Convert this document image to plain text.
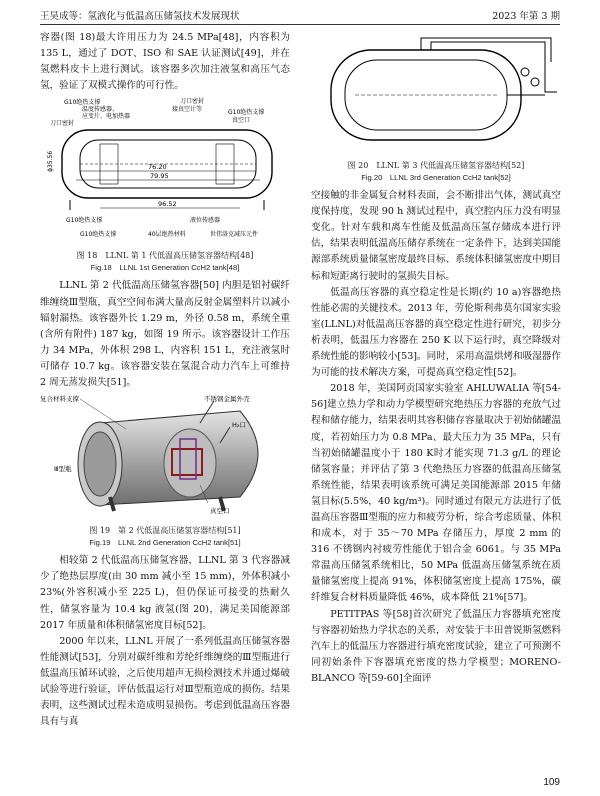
王昊成等：氢液化与低温高压储氢技术发展现状	2023 年第 3 期

容器(图 18)最大许用压力为 24.5 MPa[48]，内容积为 135 L，通过了 DOT、ISO 和 SAE 认证测试[49]，并在氢燃料皮卡上进行测试。该容器多次加注液氢和高压气态氢，验证了双模式操作的可行性。

76.20
79.95
96.52
ϕ35.56
G10绝热支撑
温度传感器、
应变片、电加热器
刀口密封
接真空计等
刀口密封
真空口
G10绝热支撑
液位传感器
G10绝热支撑
40层绝热材料	世伟洛克减压元件
G10绝热支撑
图 18　LLNL 第 1 代低温高压储氢容器结构[48]
Fig.18　LLNL 1st Generation CcH2 tank[48]

LLNL 第 2 代低温高压储氢容器[50] 内胆是铝衬碳纤维缠绕Ⅲ型瓶，真空空间布满大量高反射金属塑料片以减小辐射漏热。该容器外长 1.29 m，外径 0.58 m，系统全重(含所有附件) 187 kg，如图 19 所示。该容器设计工作压力 34 MPa，外体积 298 L，内容积 151 L，充注液氢时可储存 10.7 kg。该容器安装在氢混合动力汽车上可维持 2 周无蒸发损失[51]。

复合材料支撑	不锈钢金属外壳
H₂口
Ⅲ型瓶
真空口
图 19　第 2 代低温高压储氢容器结构[51]
Fig.19　LLNL 2nd Generation CcH2 tank[51]

相较第 2 代低温高压储氢容器，LLNL 第 3 代容器减少了绝热层厚度(由 30 mm 减小至 15 mm)，外体积减小 23%(外容积减小至 225 L)，但仍保证可接受的热耐久性，储氢容量为 10.4 kg 液氢(图 20)，满足美国能源部 2017 年质量和体积储氢密度目标[52]。

2000 年以来，LLNL 开展了一系列低温高压储氢容器性能测试[53]，分别对碳纤维和芳纶纤维缠绕的Ⅲ型瓶进行低温高压循环试验，之后使用超声无损检测技术并通过爆破试验等进行验证，评估低温运行对Ⅲ型瓶造成的损伤。结果表明，这些测试过程未造成明显损伤。考虑到低温高压容器具有与真

图 20　LLNL 第 3 代低温高压储氢容器结构[52]
Fig.20　LLNL 3rd Generation CcH2 tank[52]

空接触的非金属复合材料表面，会不断排出气体，测试真空度保持度，发现 90 h 测试过程中，真空腔内压力没有明显变化。针对车载和离车性能及低温高压氢存储成本进行评估，结果表明低温高压储存系统在一定条件下，达到美国能源部系统质量储氢密度最终目标、系统体积储氢密度中期目标和短距离行驶时的氢损失目标。

低温高压容器的真空稳定性是长期(约 10 a)容器绝热性能必需的关键技术。2013 年，劳伦斯利弗莫尔国家实验室(LLNL)对低温高压容器的真空稳定性进行研究，初步分析表明，低温压力容器在 250 K 以下运行时，真空降级对系统性能的影响较小[53]。同时，采用高温烘烤和吸湿器作为可能的技术解决方案，可提高真空稳定性[52]。

2018 年，美国阿贡国家实验室 AHLUWALIA 等[54-56]建立热力学和动力学模型研究绝热压力容器的充放气过程和储存能力，结果表明其容积储存容量取决于初始储罐温度，若初始压力为 0.8 MPa、最大压力为 35 MPa，只有当初始储罐温度小于 180 K时才能实现 71.3 g/L 的理论储氢容量；并评估了第 3 代绝热压力容器的低温高压储氢系统性能，结果表明该系统可满足美国能源部 2015 年储氢目标(5.5%，40 kg/m³)。同时通过有限元方法进行了低温高压容器Ⅲ型瓶的应力和疲劳分析，综合考虑质量、体积和成本，对于 35～70 MPa 存储压力，厚度 2 mm 的 316 不锈钢内衬疲劳性能优于铝合金 6061。与 35 MPa 常温高压储氢系统相比，50 MPa 低温高压储氢系统在质量储氢密度上提高 91%，体积储氢密度上提高 175%，碳纤维复合材料质量降低 46%，成本降低 21%[57]。

PETITPAS 等[58]首次研究了低温压力容器填充密度与容器初始热力学状态的关系，对安装于丰田普锐斯氢燃料汽车上的低温压力容器进行填充密度试验，建立了可预测不同初始条件下容器填充密度的热力学模型；MORENO-BLANCO 等[59-60]全面评

109
